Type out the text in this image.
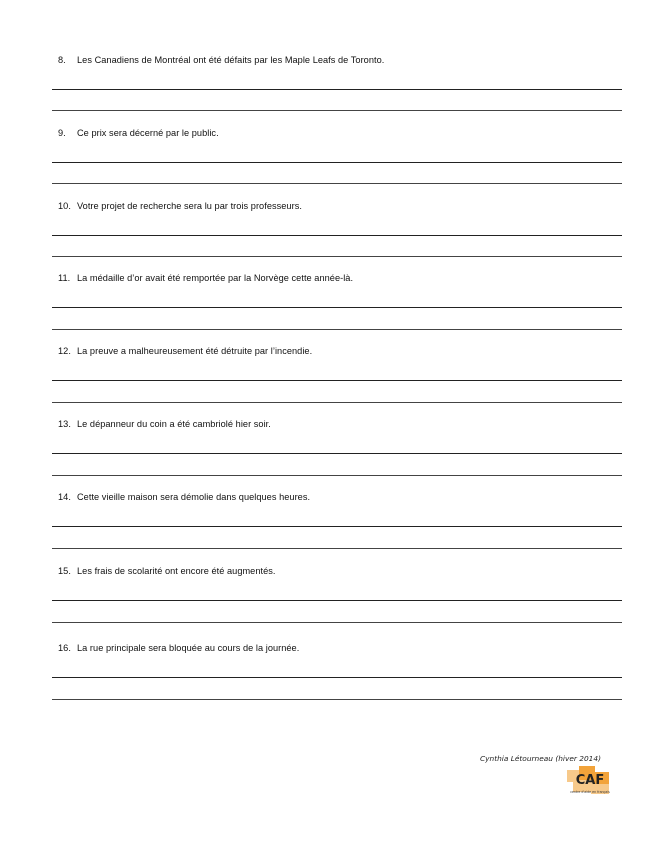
8. Les Canadiens de Montréal ont été défaits par les Maple Leafs de Toronto.
9. Ce prix sera décerné par le public.
10. Votre projet de recherche sera lu par trois professeurs.
11. La médaille d’or avait été remportée par la Norvège cette année-là.
12. La preuve a malheureusement été détruite par l’incendie.
13. Le dépanneur du coin a été cambriolé hier soir.
14. Cette vieille maison sera démolie dans quelques heures.
15. Les frais de scolarité ont encore été augmentés.
16. La rue principale sera bloquée au cours de la journée.
Cynthia Létourneau (hiver 2014)
CAF
centre d'aide en français
